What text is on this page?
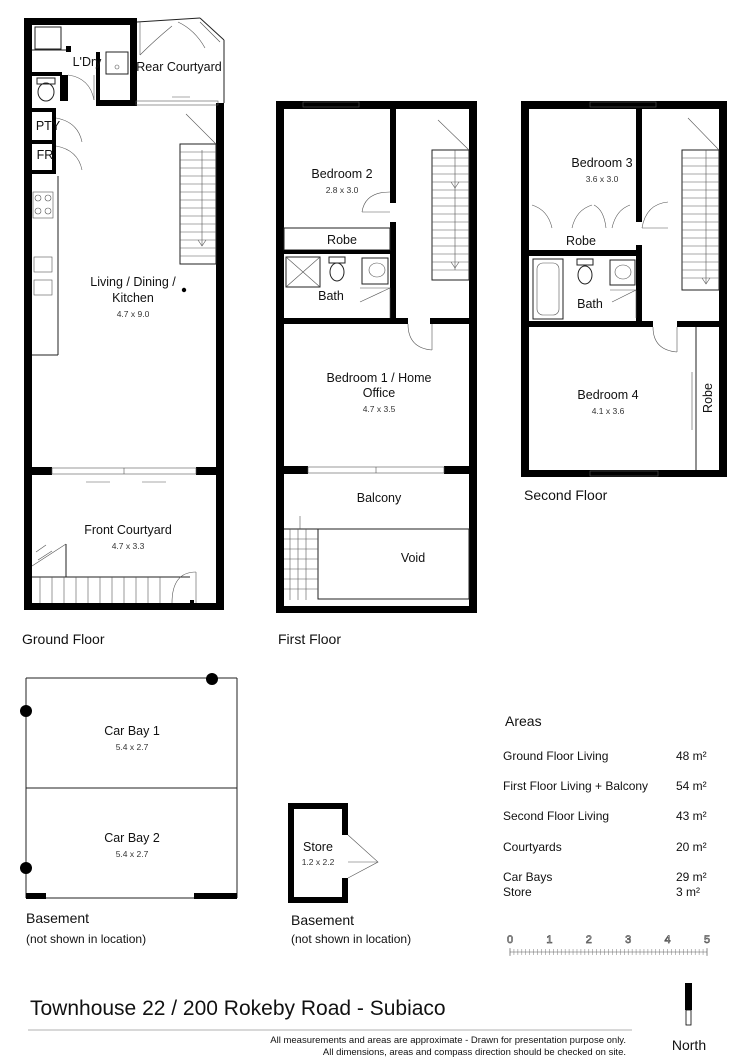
L'Dry	Rear Courtyard
PTY
FR
Living / Dining /
Kitchen
4.7 x 9.0
Front Courtyard
4.7 x 3.3
Ground Floor
Bedroom 2
2.8 x 3.0
Robe
Bath
Bedroom 1 / Home
Office
4.7 x 3.5
Balcony
Void
First Floor
Bedroom 3
3.6 x 3.0
Robe
Bath
Bedroom 4
4.1 x 3.6	Robe
Second Floor
Car Bay 1
5.4 x 2.7
Car Bay 2
5.4 x 2.7
Basement
(not shown in location)
Store
1.2 x 2.2
Basement
(not shown in location)
Areas
Ground Floor Living	48 m²
First Floor Living + Balcony 54 m²
Second Floor Living	43 m²
Courtyards	20 m²
Car Bays	29 m²
Store	3 m²
0	1	2	3	4	5
Townhouse 22 / 200 Rokeby Road - Subiaco
All measurements and areas are approximate - Drawn for presentation purpose only.
All dimensions, areas and compass direction should be checked on site.	North
